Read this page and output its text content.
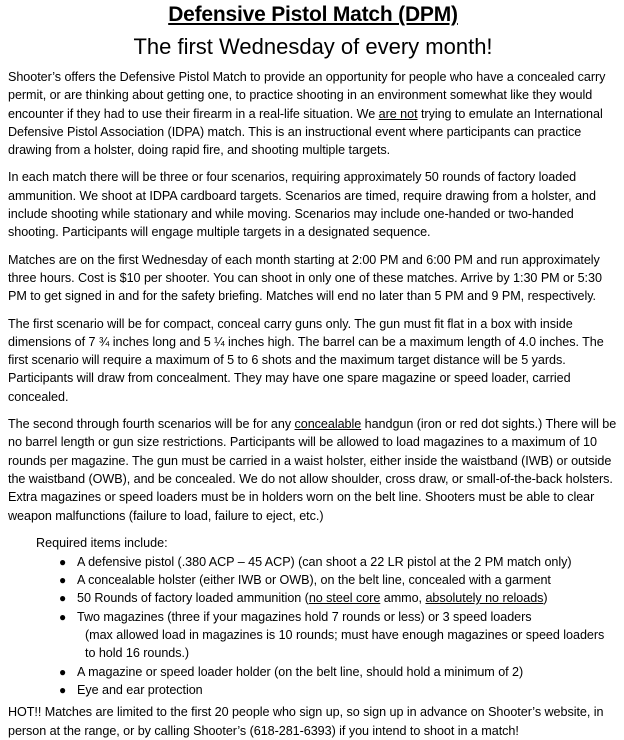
Defensive Pistol Match (DPM)
The first Wednesday of every month!

Shooter’s offers the Defensive Pistol Match to provide an opportunity for people who have a concealed carry permit, or are thinking about getting one, to practice shooting in an environment somewhat like they would encounter if they had to use their firearm in a real-life situation. We are not trying to emulate an International Defensive Pistol Association (IDPA) match. This is an instructional event where participants can practice drawing from a holster, doing rapid fire, and shooting multiple targets.

In each match there will be three or four scenarios, requiring approximately 50 rounds of factory loaded ammunition. We shoot at IDPA cardboard targets. Scenarios are timed, require drawing from a holster, and include shooting while stationary and while moving. Scenarios may include one-handed or two-handed shooting. Participants will engage multiple targets in a designated sequence.

Matches are on the first Wednesday of each month starting at 2:00 PM and 6:00 PM and run approximately three hours. Cost is $10 per shooter. You can shoot in only one of these matches. Arrive by 1:30 PM or 5:30 PM to get signed in and for the safety briefing. Matches will end no later than 5 PM and 9 PM, respectively.

The first scenario will be for compact, conceal carry guns only. The gun must fit flat in a box with inside dimensions of 7 ¾ inches long and 5 ¼ inches high. The barrel can be a maximum length of 4.0 inches. The first scenario will require a maximum of 5 to 6 shots and the maximum target distance will be 5 yards. Participants will draw from concealment. They may have one spare magazine or speed loader, carried concealed.

The second through fourth scenarios will be for any concealable handgun (iron or red dot sights.) There will be no barrel length or gun size restrictions. Participants will be allowed to load magazines to a maximum of 10 rounds per magazine. The gun must be carried in a waist holster, either inside the waistband (IWB) or outside the waistband (OWB), and be concealed. We do not allow shoulder, cross draw, or small-of-the-back holsters. Extra magazines or speed loaders must be in holders worn on the belt line. Shooters must be able to clear weapon malfunctions (failure to load, failure to eject, etc.)

Required items include:
● A defensive pistol (.380 ACP – 45 ACP) (can shoot a 22 LR pistol at the 2 PM match only)
● A concealable holster (either IWB or OWB), on the belt line, concealed with a garment
● 50 Rounds of factory loaded ammunition (no steel core ammo, absolutely no reloads)
● Two magazines (three if your magazines hold 7 rounds or less) or 3 speed loaders
(max allowed load in magazines is 10 rounds; must have enough magazines or speed loaders to hold 16 rounds.)
● A magazine or speed loader holder (on the belt line, should hold a minimum of 2)
● Eye and ear protection

HOT!! Matches are limited to the first 20 people who sign up, so sign up in advance on Shooter’s website, in person at the range, or by calling Shooter’s (618-281-6393) if you intend to shoot in a match!
